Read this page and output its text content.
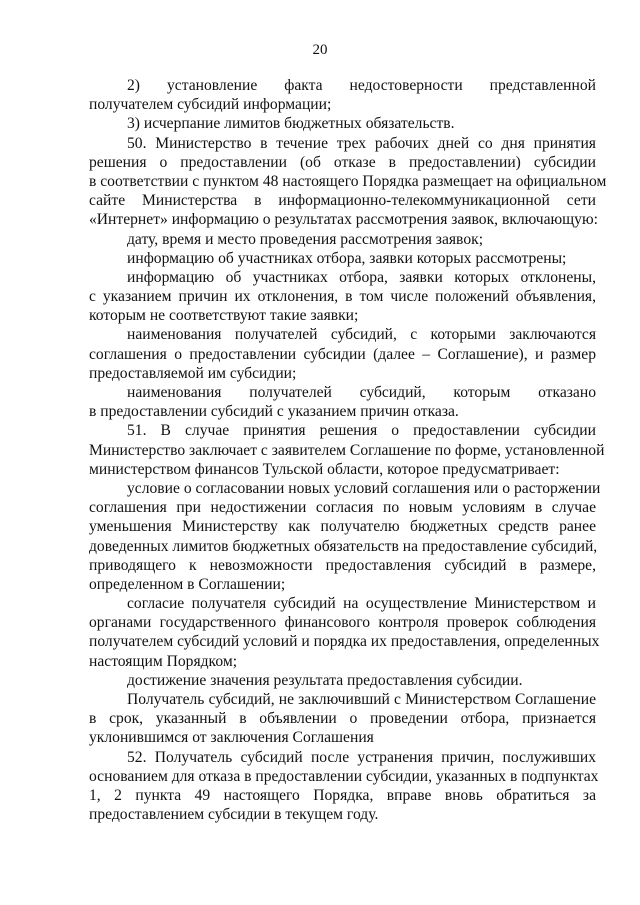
20
2) установление факта недостоверности представленной
получателем субсидий информации;
3) исчерпание лимитов бюджетных обязательств.
50. Министерство в течение трех рабочих дней со дня принятия
решения о предоставлении (об отказе в предоставлении) субсидии
в соответствии с пунктом 48 настоящего Порядка размещает на официальном
сайте Министерства в информационно-телекоммуникационной сети
«Интернет» информацию о результатах рассмотрения заявок, включающую:
дату, время и место проведения рассмотрения заявок;
информацию об участниках отбора, заявки которых рассмотрены;
информацию об участниках отбора, заявки которых отклонены,
с указанием причин их отклонения, в том числе положений объявления,
которым не соответствуют такие заявки;
наименования получателей субсидий, с которыми заключаются
соглашения о предоставлении субсидии (далее – Соглашение), и размер
предоставляемой им субсидии;
наименования получателей субсидий, которым отказано
в предоставлении субсидий с указанием причин отказа.
51. В случае принятия решения о предоставлении субсидии
Министерство заключает с заявителем Соглашение по форме, установленной
министерством финансов Тульской области, которое предусматривает:
условие о согласовании новых условий соглашения или о расторжении
соглашения при недостижении согласия по новым условиям в случае
уменьшения Министерству как получателю бюджетных средств ранее
доведенных лимитов бюджетных обязательств на предоставление субсидий,
приводящего к невозможности предоставления субсидий в размере,
определенном в Соглашении;
согласие получателя субсидий на осуществление Министерством и
органами государственного финансового контроля проверок соблюдения
получателем субсидий условий и порядка их предоставления, определенных
настоящим Порядком;
достижение значения результата предоставления субсидии.
Получатель субсидий, не заключивший с Министерством Соглашение
в срок, указанный в объявлении о проведении отбора, признается
уклонившимся от заключения Соглашения
52. Получатель субсидий после устранения причин, послуживших
основанием для отказа в предоставлении субсидии, указанных в подпунктах
1, 2 пункта 49 настоящего Порядка, вправе вновь обратиться за
предоставлением субсидии в текущем году.
